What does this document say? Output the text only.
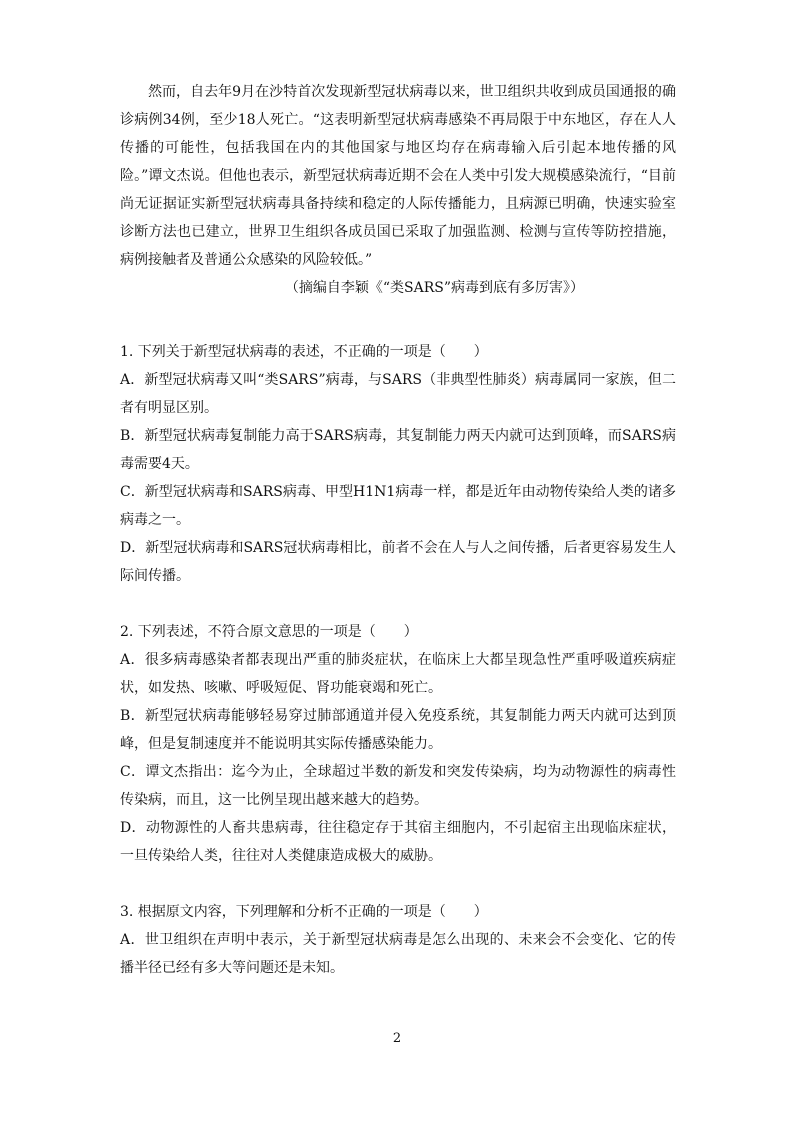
然而，自去年9月在沙特首次发现新型冠状病毒以来，世卫组织共收到成员国通报的确诊病例34例，至少18人死亡。“这表明新型冠状病毒感染不再局限于中东地区，存在人人传播的可能性，包括我国在内的其他国家与地区均存在病毒输入后引起本地传播的风险。”谭文杰说。但他也表示，新型冠状病毒近期不会在人类中引发大规模感染流行，“目前尚无证据证实新型冠状病毒具备持续和稳定的人际传播能力，且病源已明确，快速实验室诊断方法也已建立，世界卫生组织各成员国已采取了加强监测、检测与宣传等防控措施，病例接触者及普通公众感染的风险较低。”

（摘编自李颖《“类SARS”病毒到底有多厉害》）

1. 下列关于新型冠状病毒的表述，不正确的一项是（　　）

A．新型冠状病毒又叫“类SARS”病毒，与SARS（非典型性肺炎）病毒属同一家族，但二者有明显区别。

B．新型冠状病毒复制能力高于SARS病毒，其复制能力两天内就可达到顶峰，而SARS病毒需要4天。

C．新型冠状病毒和SARS病毒、甲型H1N1病毒一样，都是近年由动物传染给人类的诸多病毒之一。

D．新型冠状病毒和SARS冠状病毒相比，前者不会在人与人之间传播，后者更容易发生人际间传播。

2. 下列表述，不符合原文意思的一项是（　　）

A．很多病毒感染者都表现出严重的肺炎症状，在临床上大都呈现急性严重呼吸道疾病症状，如发热、咳嗽、呼吸短促、肾功能衰竭和死亡。

B．新型冠状病毒能够轻易穿过肺部通道并侵入免疫系统，其复制能力两天内就可达到顶峰，但是复制速度并不能说明其实际传播感染能力。

C．谭文杰指出：迄今为止，全球超过半数的新发和突发传染病，均为动物源性的病毒性传染病，而且，这一比例呈现出越来越大的趋势。

D．动物源性的人畜共患病毒，往往稳定存于其宿主细胞内，不引起宿主出现临床症状，一旦传染给人类，往往对人类健康造成极大的威胁。

3. 根据原文内容，下列理解和分析不正确的一项是（　　）

A．世卫组织在声明中表示，关于新型冠状病毒是怎么出现的、未来会不会变化、它的传播半径已经有多大等问题还是未知。

2
